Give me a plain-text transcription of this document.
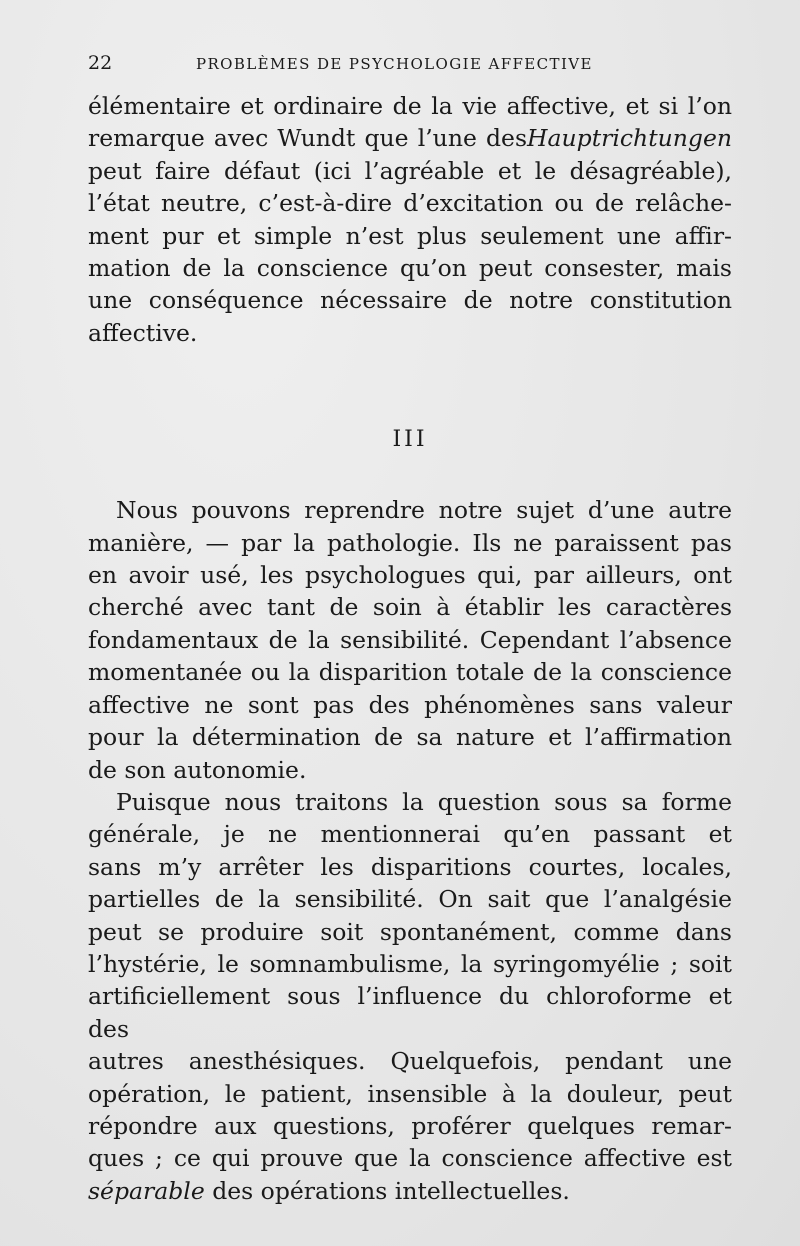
22	PROBLÈMES DE PSYCHOLOGIE AFFECTIVE
élémentaire et ordinaire de la vie affective, et si l’on
remarque avec Wundt que l’une desHauptrichtungen
peut faire défaut (ici l’agréable et le désagréable),
l’état neutre, c’est-à-dire d’excitation ou de relâche-
ment pur et simple n’est plus seulement une affir-
mation de la conscience qu’on peut consester, mais
une conséquence nécessaire de notre constitution
affective.
III
Nous pouvons reprendre notre sujet d’une autre
manière, — par la pathologie. Ils ne paraissent pas
en avoir usé, les psychologues qui, par ailleurs, ont
cherché avec tant de soin à établir les caractères
fondamentaux de la sensibilité. Cependant l’absence
momentanée ou la disparition totale de la conscience
affective ne sont pas des phénomènes sans valeur
pour la détermination de sa nature et l’affirmation
de son autonomie.
Puisque nous traitons la question sous sa forme
générale, je ne mentionnerai qu’en passant et
sans m’y arrêter les disparitions courtes, locales,
partielles de la sensibilité. On sait que l’analgésie
peut se produire soit spontanément, comme dans
l’hystérie, le somnambulisme, la syringomyélie ; soit
artificiellement sous l’influence du chloroforme et des
autres anesthésiques. Quelquefois, pendant une
opération, le patient, insensible à la douleur, peut
répondre aux questions, proférer quelques remar-
ques ; ce qui prouve que la conscience affective est
séparable des opérations intellectuelles.
